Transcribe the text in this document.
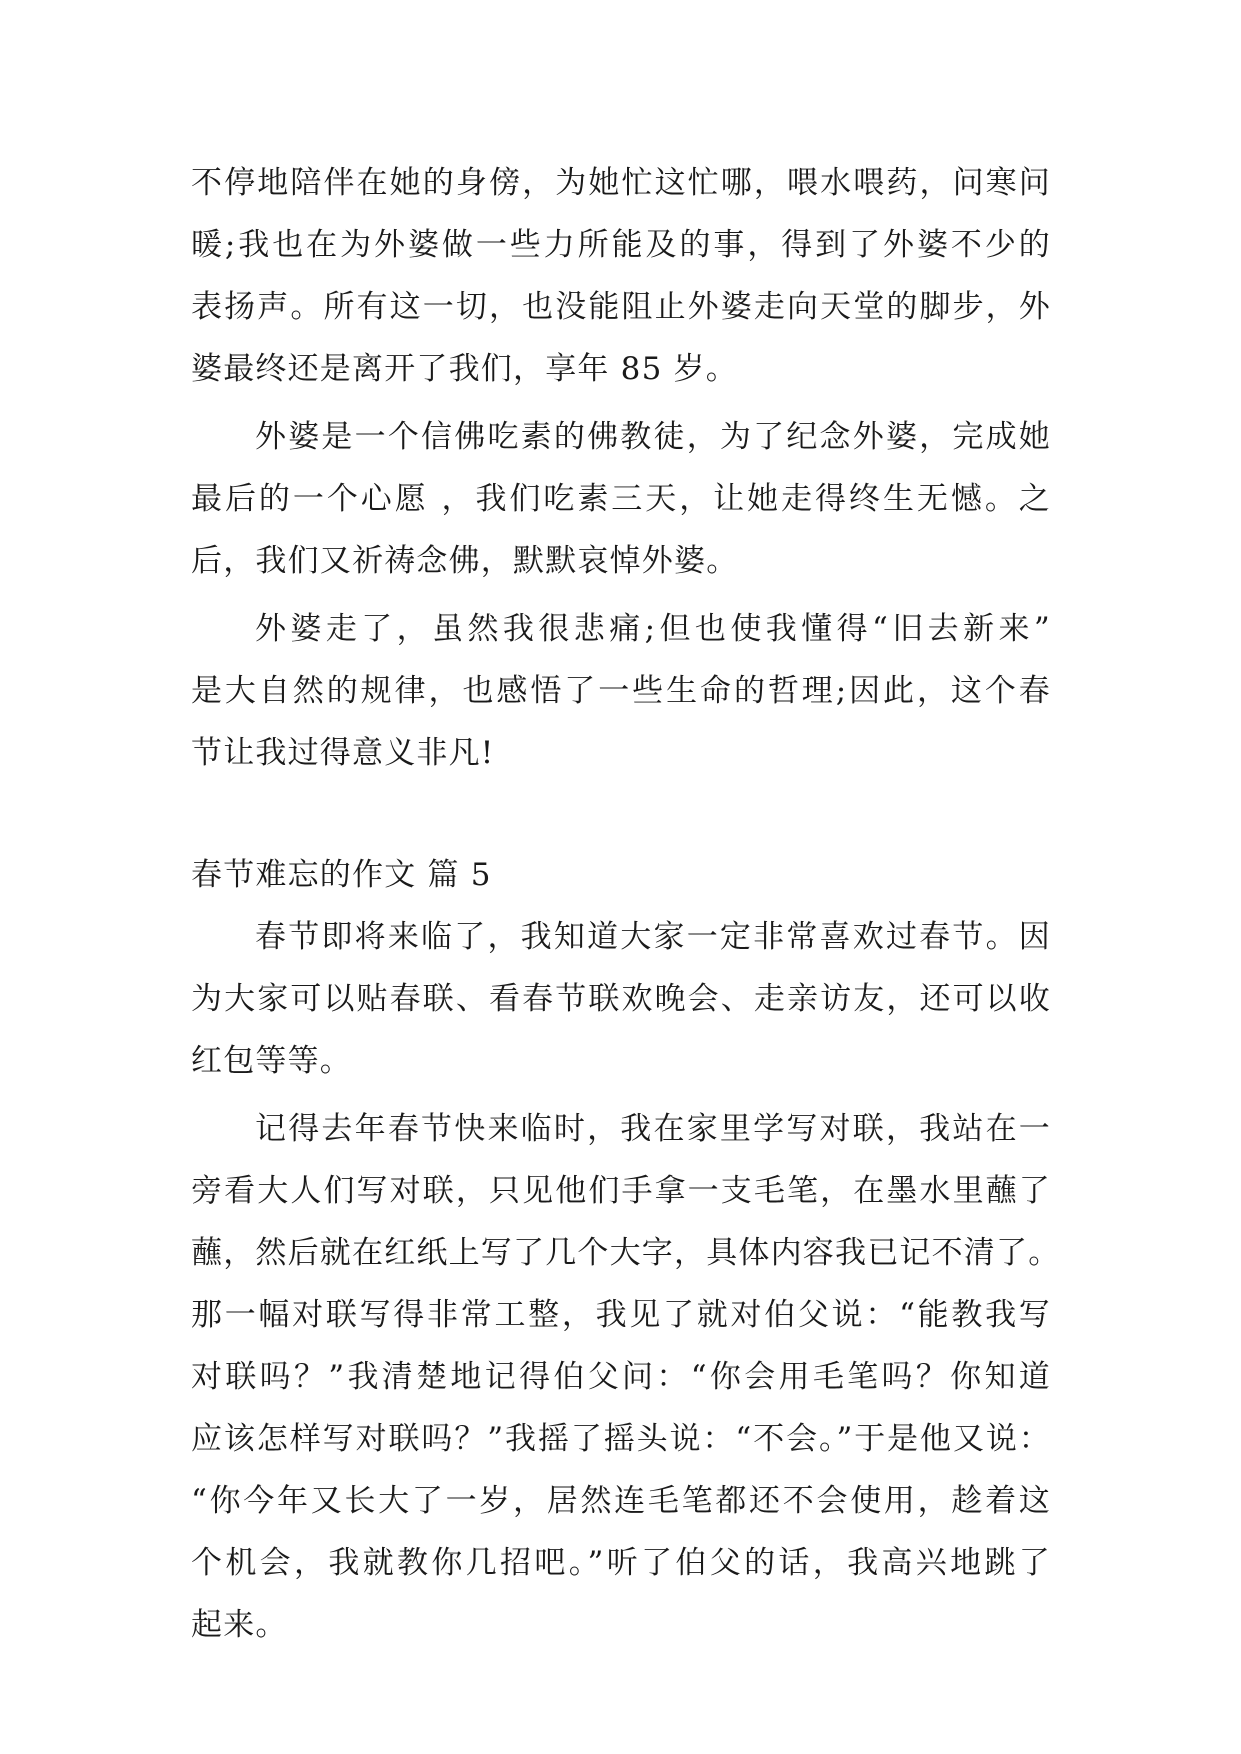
不停地陪伴在她的身傍，为她忙这忙哪，喂水喂药，问寒问
暖;我也在为外婆做一些力所能及的事，得到了外婆不少的
表扬声。所有这一切，也没能阻止外婆走向天堂的脚步，外
婆最终还是离开了我们，享年 85 岁。
外婆是一个信佛吃素的佛教徒，为了纪念外婆，完成她
最后的一个心愿 ，我们吃素三天，让她走得终生无憾。之
后，我们又祈祷念佛，默默哀悼外婆。
外婆走了，虽然我很悲痛;但也使我懂得“旧去新来”
是大自然的规律，也感悟了一些生命的哲理;因此，这个春
节让我过得意义非凡!
春节难忘的作文 篇 5
春节即将来临了，我知道大家一定非常喜欢过春节。因
为大家可以贴春联、看春节联欢晚会、走亲访友，还可以收
红包等等。
记得去年春节快来临时，我在家里学写对联，我站在一
旁看大人们写对联，只见他们手拿一支毛笔，在墨水里蘸了
蘸，然后就在红纸上写了几个大字，具体内容我已记不清了。
那一幅对联写得非常工整，我见了就对伯父说：“能教我写
对联吗？”我清楚地记得伯父问：“你会用毛笔吗？你知道
应该怎样写对联吗？”我摇了摇头说：“不会。”于是他又说：
“你今年又长大了一岁，居然连毛笔都还不会使用，趁着这
个机会，我就教你几招吧。”听了伯父的话，我高兴地跳了
起来。
